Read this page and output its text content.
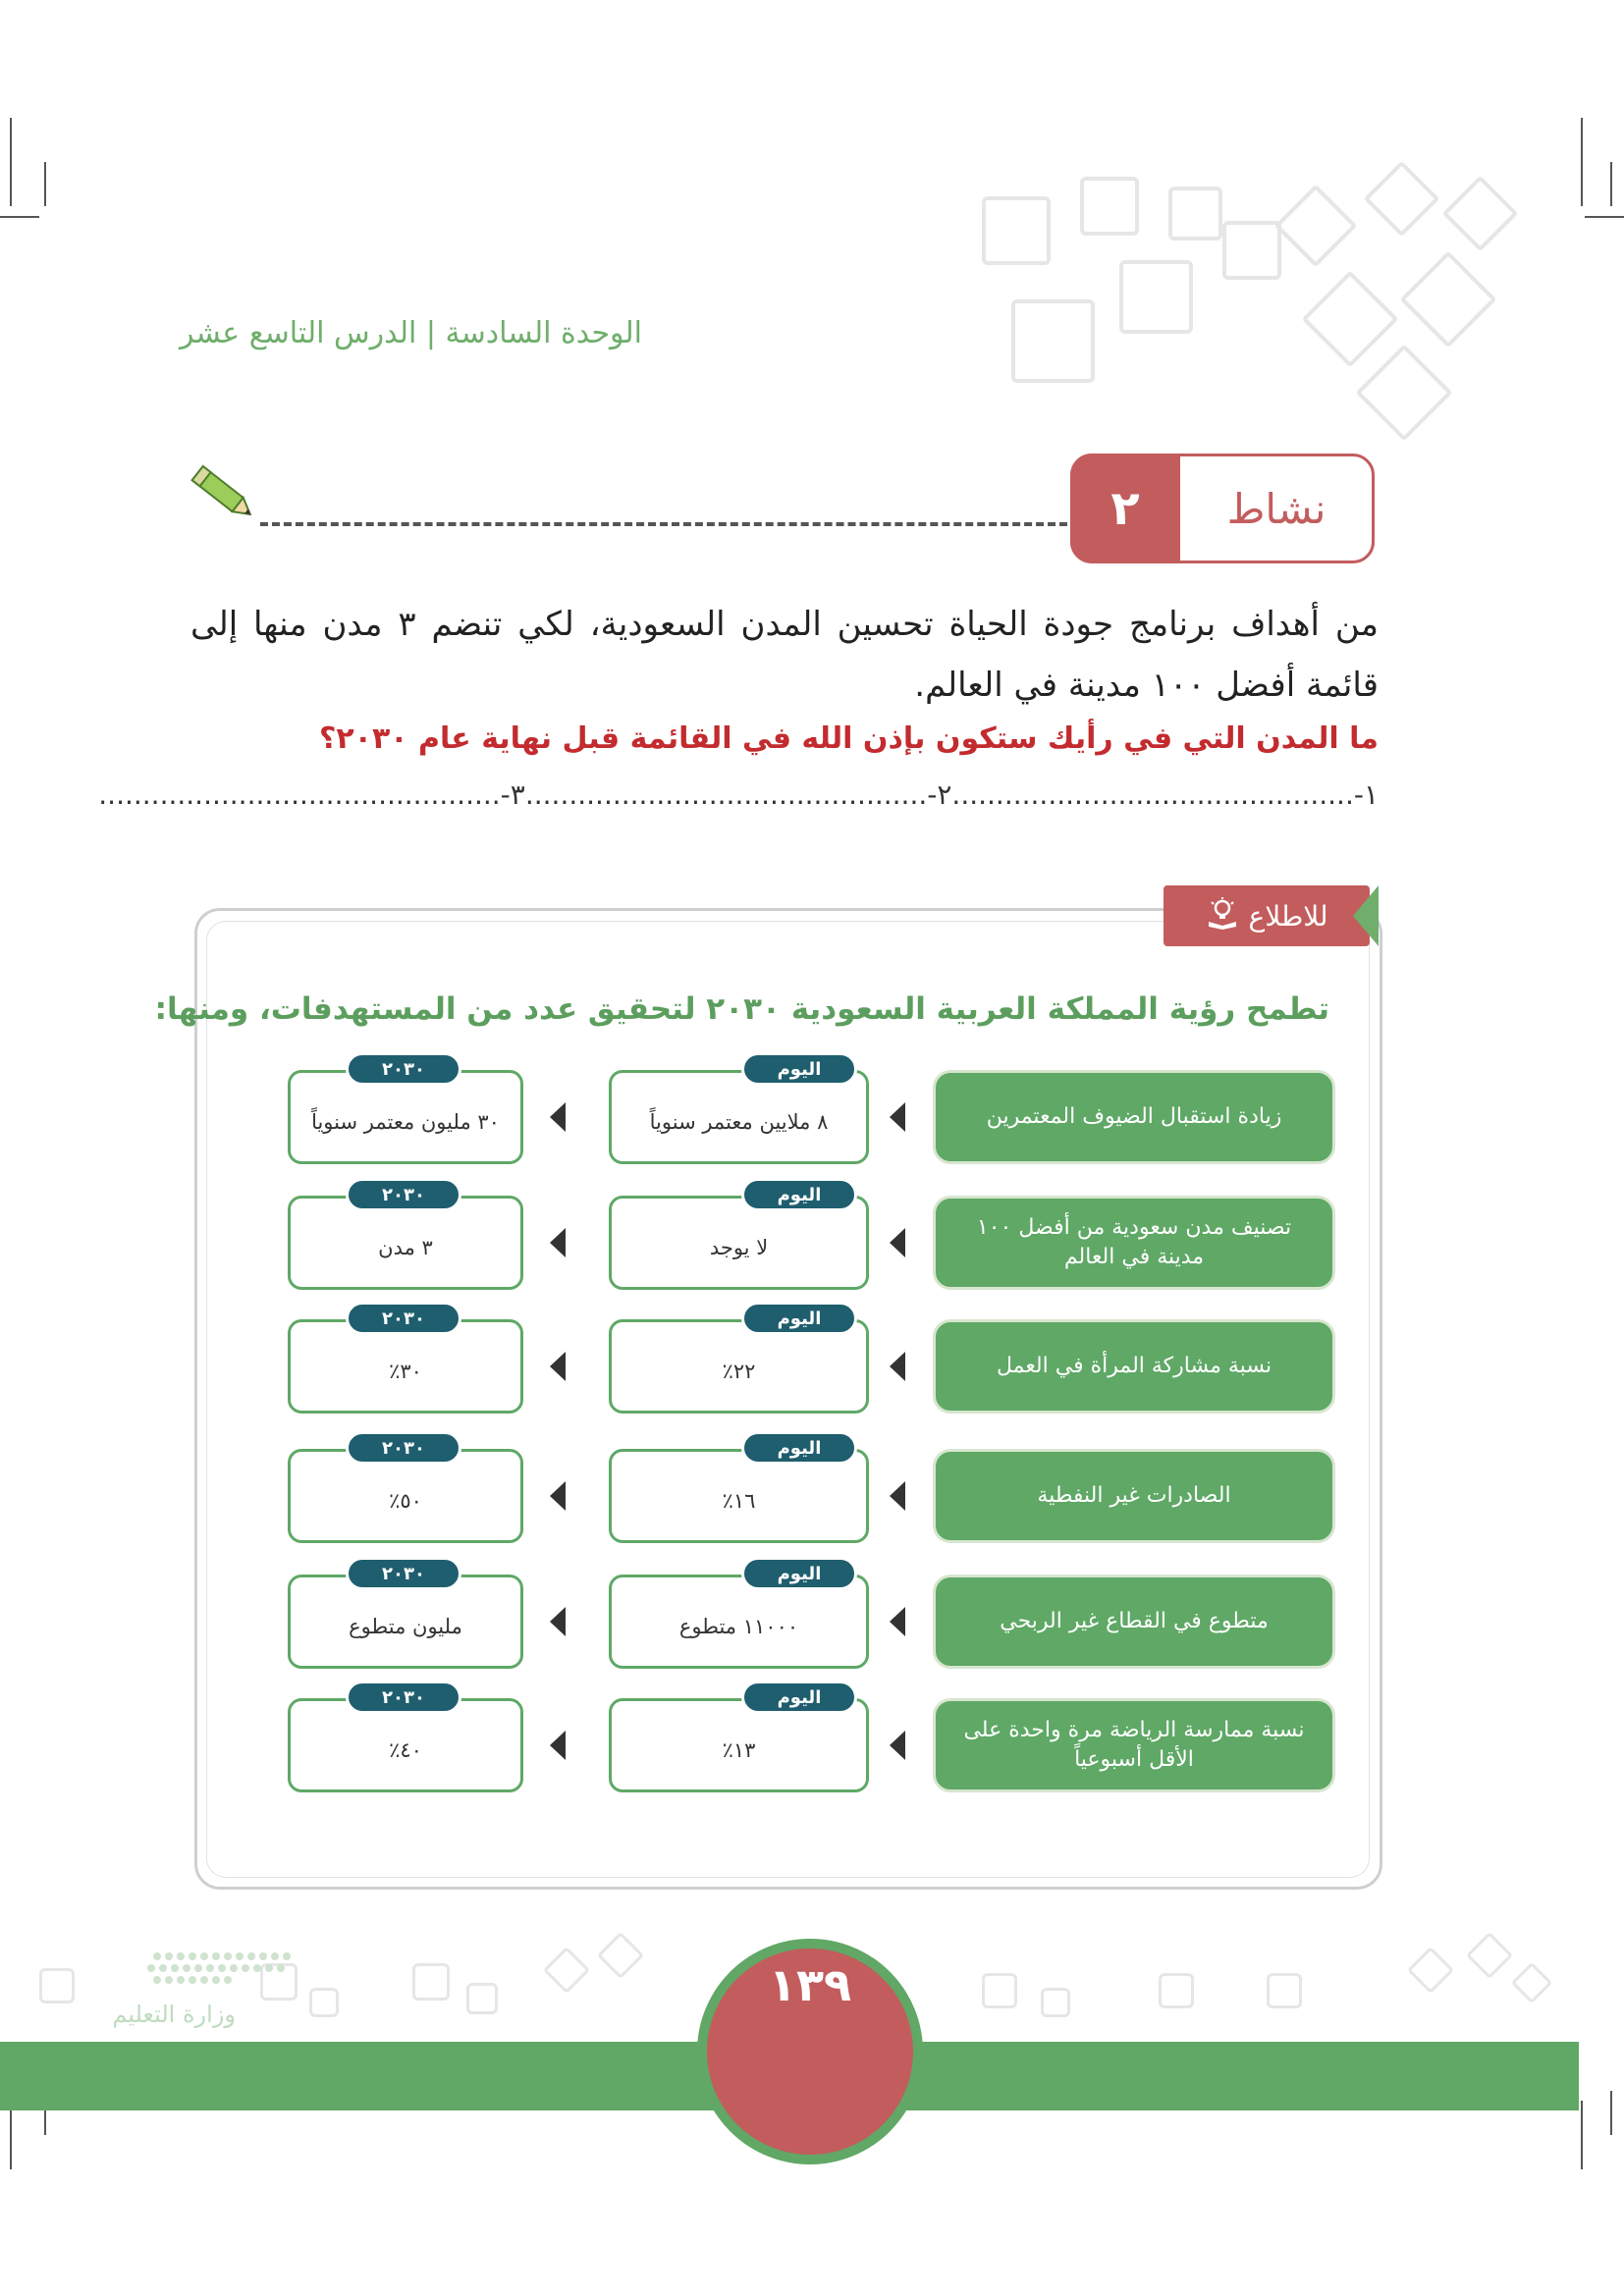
الوحدة السادسة | الدرس التاسع عشر
٢	نشاط
من أهداف برنامج جودة الحياة تحسين المدن السعودية، لكي تنضم ٣ مدن منها إلى قائمة أفضل ١٠٠ مدينة في العالم.
ما المدن التي في رأيك ستكون بإذن الله في القائمة قبل نهاية عام ٢٠٣٠؟
١-..............................................
٢-..............................................
٣-..............................................
للاطلاع
تطمح رؤية المملكة العربية السعودية ٢٠٣٠ لتحقيق عدد من المستهدفات، ومنها:
زيادة استقبال الضيوف المعتمرين
٨ ملايين معتمر سنوياً
اليوم
٣٠ مليون معتمر سنوياً
٢٠٣٠
تصنيف مدن سعودية من أفضل ١٠٠ مدينة في العالم
لا يوجد
اليوم
٣ مدن
٢٠٣٠
نسبة مشاركة المرأة في العمل
٢٢٪
اليوم
٣٠٪
٢٠٣٠
الصادرات غير النفطية
١٦٪
اليوم
٥٠٪
٢٠٣٠
متطوع في القطاع غير الربحي
١١٠٠٠ متطوع
اليوم
مليون متطوع
٢٠٣٠
نسبة ممارسة الرياضة مرة واحدة على الأقل أسبوعياً
١٣٪
اليوم
٤٠٪
٢٠٣٠
١٣٩
وزارة التعليم
